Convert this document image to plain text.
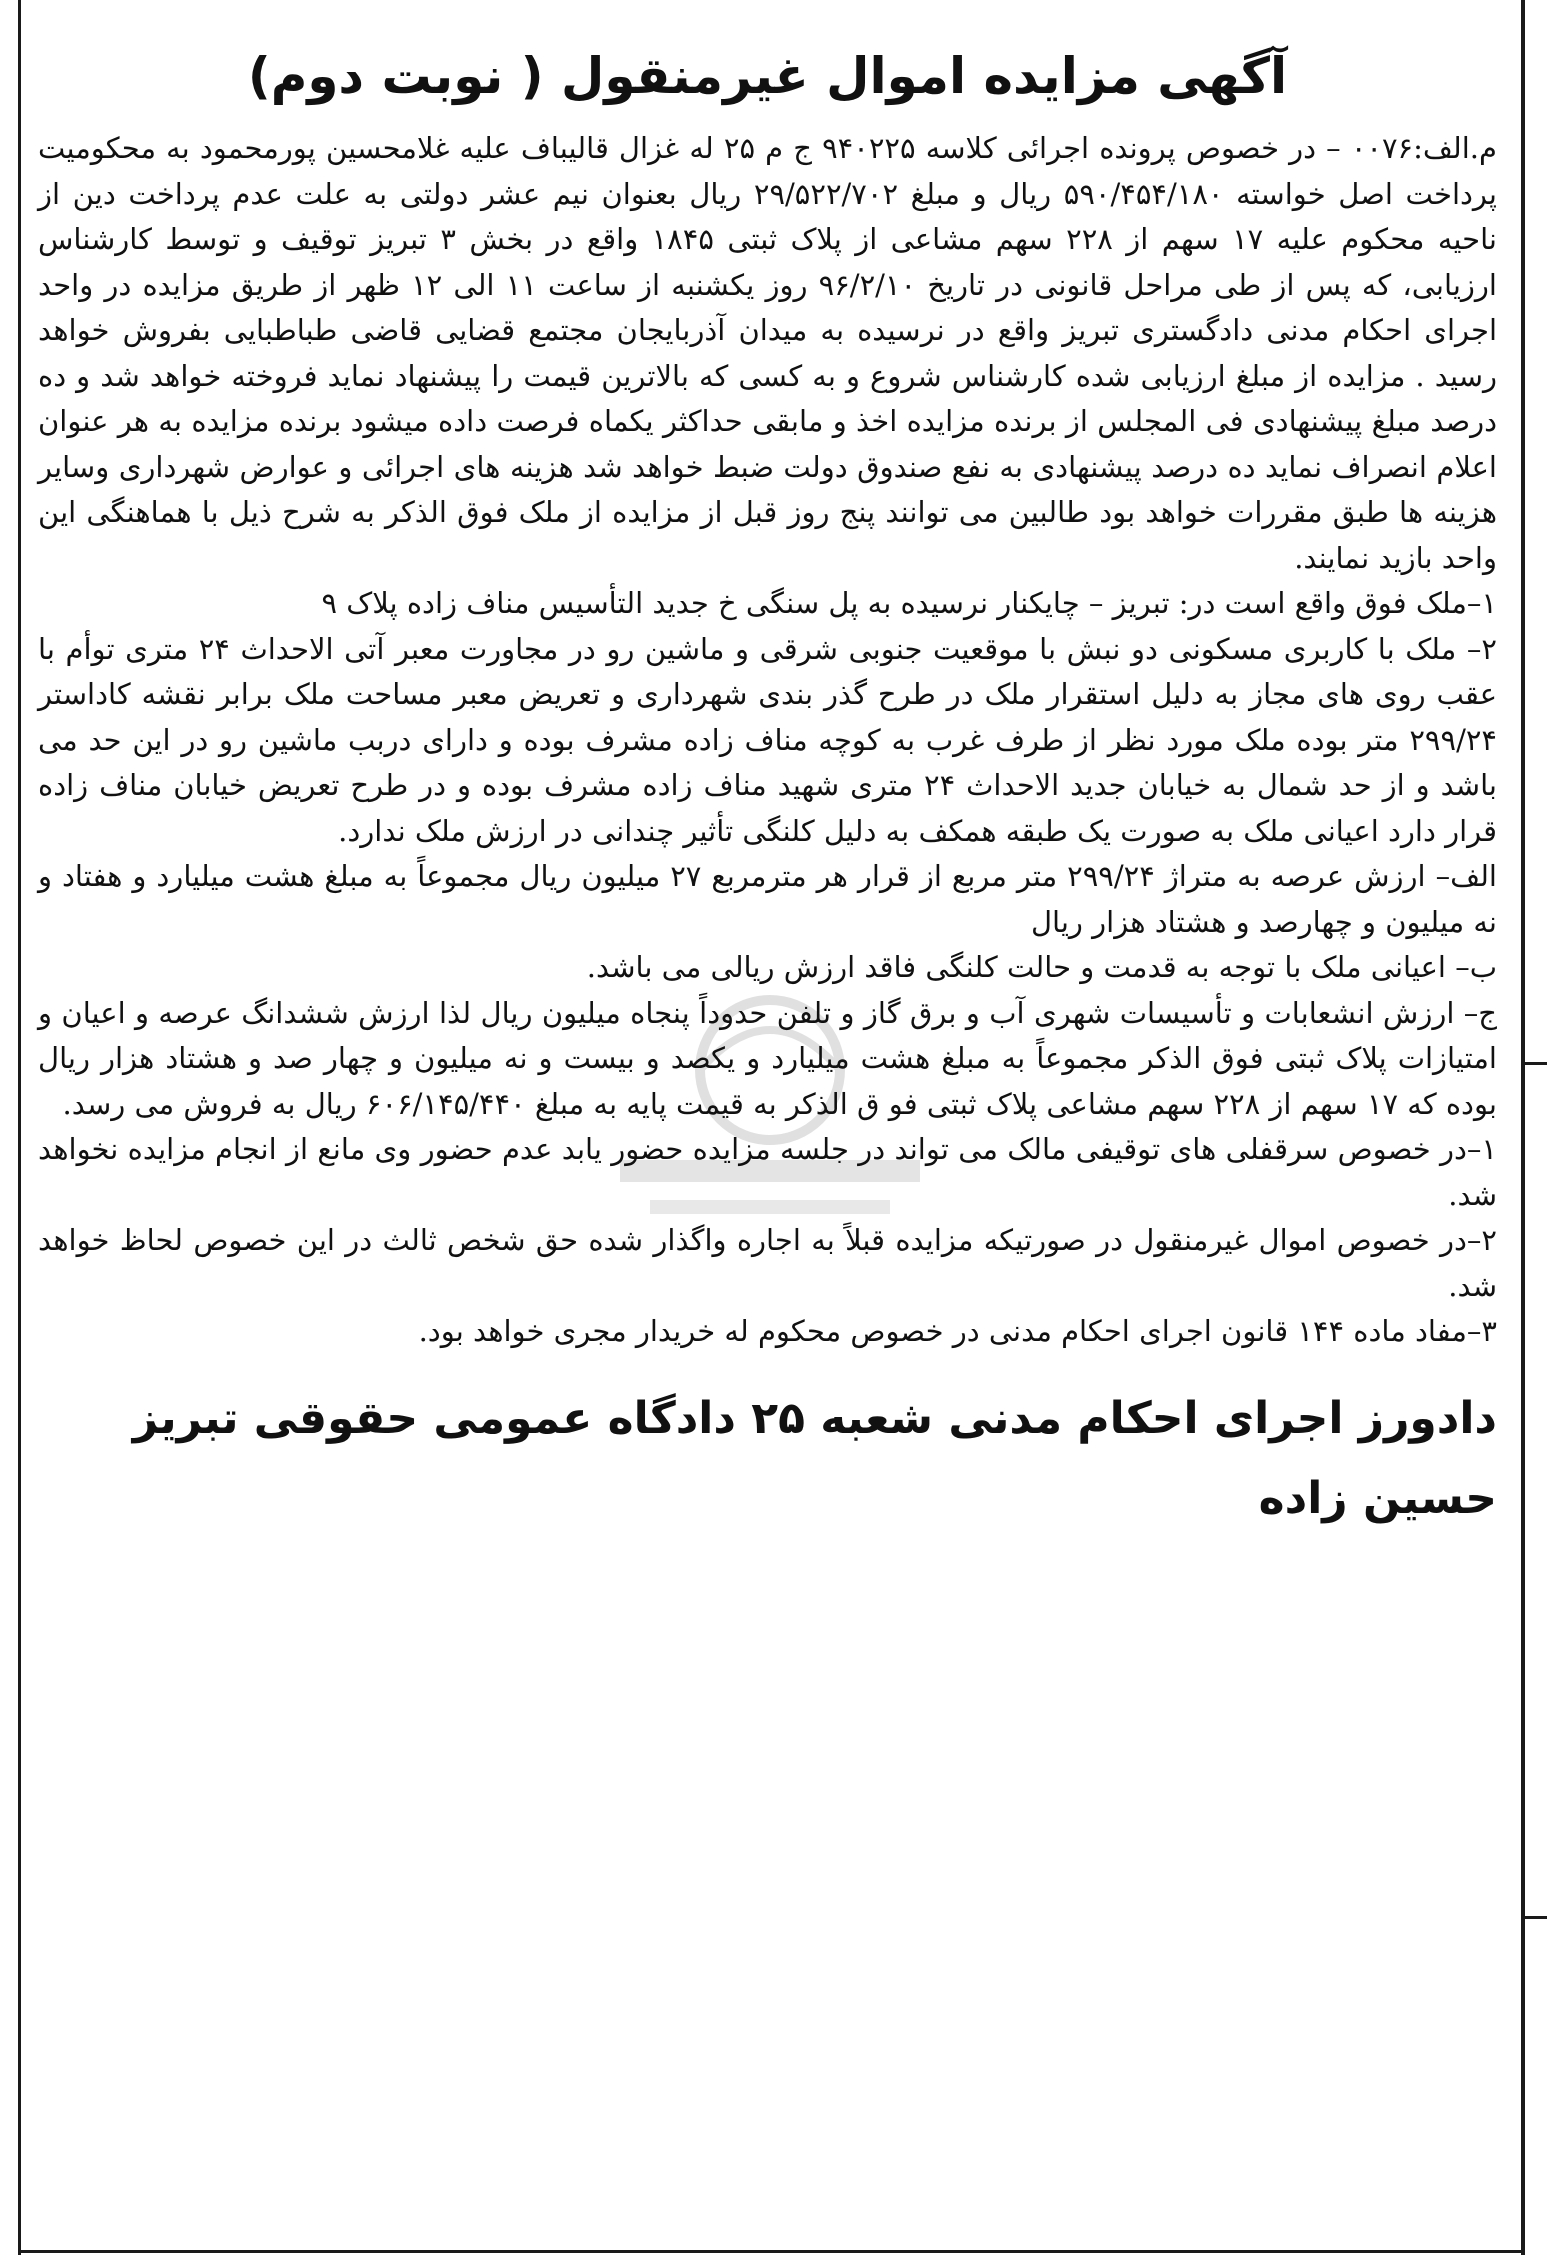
آگهی مزایده اموال غیرمنقول ( نوبت دوم)

م.الف:۰۰۷۶ – در خصوص پرونده اجرائی کلاسه ۹۴۰۲۲۵ ج م ۲۵ له غزال قالیباف علیه غلامحسین پورمحمود به محکومیت پرداخت اصل خواسته ۵۹۰/۴۵۴/۱۸۰ ریال و مبلغ ۲۹/۵۲۲/۷۰۲ ریال بعنوان نیم عشر دولتی به علت عدم پرداخت دین از ناحیه محکوم علیه ۱۷ سهم از ۲۲۸ سهم مشاعی از پلاک ثبتی ۱۸۴۵ واقع در بخش ۳ تبریز توقیف و توسط کارشناس ارزیابی، که پس از طی مراحل قانونی در تاریخ ۹۶/۲/۱۰ روز یکشنبه از ساعت ۱۱ الی ۱۲ ظهر از طریق مزایده در واحد اجرای احکام مدنی دادگستری تبریز واقع در نرسیده به میدان آذربایجان مجتمع قضایی قاضی طباطبایی بفروش خواهد رسید . مزایده از مبلغ ارزیابی شده کارشناس شروع و به کسی که بالاترین قیمت را پیشنهاد نماید فروخته خواهد شد و ده درصد مبلغ پیشنهادی فی المجلس از برنده مزایده اخذ و مابقی حداکثر یکماه فرصت داده میشود برنده مزایده به هر عنوان اعلام انصراف نماید ده درصد پیشنهادی به نفع صندوق دولت ضبط خواهد شد هزینه های اجرائی و عوارض شهرداری وسایر هزینه ها طبق مقررات خواهد بود طالبین می توانند پنج روز قبل از مزایده از ملک فوق الذکر به شرح ذیل با هماهنگی این واحد بازید نمایند.

۱–ملک فوق واقع است در: تبریز – چایکنار نرسیده به پل سنگی خ جدید التأسیس مناف زاده پلاک ۹

۲– ملک با کاربری مسکونی دو نبش با موقعیت جنوبی شرقی و ماشین رو در مجاورت معبر آتی الاحداث ۲۴ متری توأم با عقب روی های مجاز به دلیل استقرار ملک در طرح گذر بندی شهرداری و تعریض معبر مساحت ملک برابر نقشه کاداستر ۲۹۹/۲۴ متر بوده ملک مورد نظر از طرف غرب به کوچه مناف زاده مشرف بوده و دارای دربب ماشین رو در این حد می باشد و از حد شمال به خیابان جدید الاحداث ۲۴ متری شهید مناف زاده مشرف بوده و در طرح تعریض خیابان مناف زاده قرار دارد اعیانی ملک به صورت یک طبقه همکف به دلیل کلنگی تأثیر چندانی در ارزش ملک ندارد.

الف– ارزش عرصه به متراژ ۲۹۹/۲۴ متر مربع از قرار هر مترمربع ۲۷ میلیون ریال مجموعاً به مبلغ هشت میلیارد و هفتاد و نه میلیون و چهارصد و هشتاد هزار ریال

ب– اعیانی ملک با توجه به قدمت و حالت کلنگی فاقد ارزش ریالی می باشد.

ج– ارزش انشعابات و تأسیسات شهری آب و برق گاز و تلفن حدوداً پنجاه میلیون ریال لذا ارزش ششدانگ عرصه و اعیان و امتیازات پلاک ثبتی فوق الذکر مجموعاً به مبلغ هشت میلیارد و یکصد و بیست و نه میلیون و چهار صد و هشتاد هزار ریال بوده که ۱۷ سهم از ۲۲۸ سهم مشاعی پلاک ثبتی فو ق الذکر به قیمت پایه به مبلغ ۶۰۶/۱۴۵/۴۴۰ ریال به فروش می رسد.

۱–در خصوص سرقفلی های توقیفی مالک می تواند در جلسه مزایده حضور یابد عدم حضور وی مانع از انجام مزایده نخواهد شد.

۲–در خصوص اموال غیرمنقول در صورتیکه مزایده قبلاً به اجاره واگذار شده حق شخص ثالث در این خصوص لحاظ خواهد شد.

۳–مفاد ماده ۱۴۴ قانون اجرای احکام مدنی در خصوص محکوم له خریدار مجری خواهد بود.

دادورز اجرای احکام مدنی شعبه ۲۵ دادگاه عمومی حقوقی تبریز

حسین زاده
